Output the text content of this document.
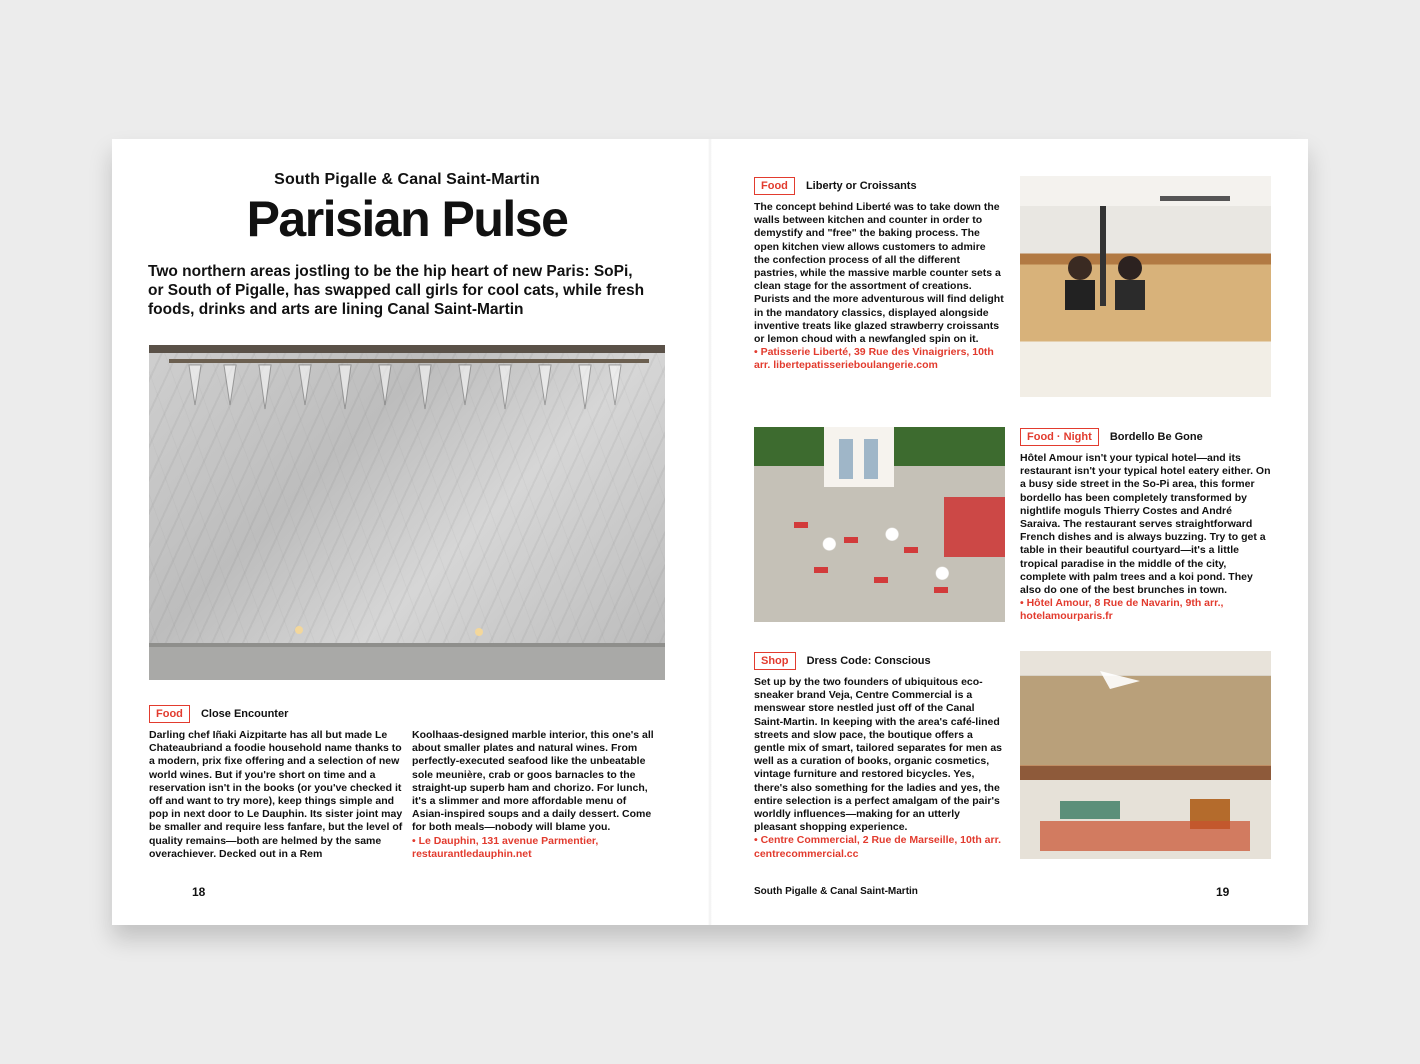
South Pigalle & Canal Saint-Martin
Parisian Pulse
Two northern areas jostling to be the hip heart of new Paris: SoPi, or South of Pigalle, has swapped call girls for cool cats, while fresh foods, drinks and arts are lining Canal Saint-Martin
Food Close Encounter
Darling chef Iñaki Aizpitarte has all but made Le Chateaubriand a foodie household name thanks to a modern, prix fixe offering and a selection of new world wines. But if you're short on time and a reservation isn't in the books (or you've checked it off and want to try more), keep things simple and pop in next door to Le Dauphin. Its sister joint may be smaller and require less fanfare, but the level of quality remains—both are helmed by the same overachiever. Decked out in a Rem
Koolhaas-designed marble interior, this one's all about smaller plates and natural wines. From perfectly-executed seafood like the unbeatable sole meunière, crab or goos barnacles to the straight-up superb ham and chorizo. For lunch, it's a slimmer and more affordable menu of Asian-inspired soups and a daily dessert. Come for both meals—nobody will blame you.
• Le Dauphin, 131 avenue Parmentier, restaurantledauphin.net
18
Food Liberty or Croissants
The concept behind Liberté was to take down the walls between kitchen and counter in order to demystify and "free" the baking process. The open kitchen view allows customers to admire the confection process of all the different pastries, while the massive marble counter sets a clean stage for the assortment of creations. Purists and the more adventurous will find delight in the mandatory classics, displayed alongside inventive treats like glazed strawberry croissants or lemon choud with a newfangled spin on it.
• Patisserie Liberté, 39 Rue des Vinaigriers, 10th arr. libertepatisserieboulangerie.com
Food · Night Bordello Be Gone
Hôtel Amour isn't your typical hotel—and its restaurant isn't your typical hotel eatery either. On a busy side street in the So-Pi area, this former bordello has been completely transformed by nightlife moguls Thierry Costes and André Saraiva. The restaurant serves straightforward French dishes and is always buzzing. Try to get a table in their beautiful courtyard—it's a little tropical paradise in the middle of the city, complete with palm trees and a koi pond. They also do one of the best brunches in town.
• Hôtel Amour, 8 Rue de Navarin, 9th arr., hotelamourparis.fr
Shop Dress Code: Conscious
Set up by the two founders of ubiquitous eco-sneaker brand Veja, Centre Commercial is a menswear store nestled just off of the Canal Saint-Martin. In keeping with the area's café-lined streets and slow pace, the boutique offers a gentle mix of smart, tailored separates for men as well as a curation of books, organic cosmetics, vintage furniture and restored bicycles. Yes, there's also something for the ladies and yes, the entire selection is a perfect amalgam of the pair's worldly influences—making for an utterly pleasant shopping experience.
• Centre Commercial, 2 Rue de Marseille, 10th arr. centrecommercial.cc
South Pigalle & Canal Saint-Martin	19
